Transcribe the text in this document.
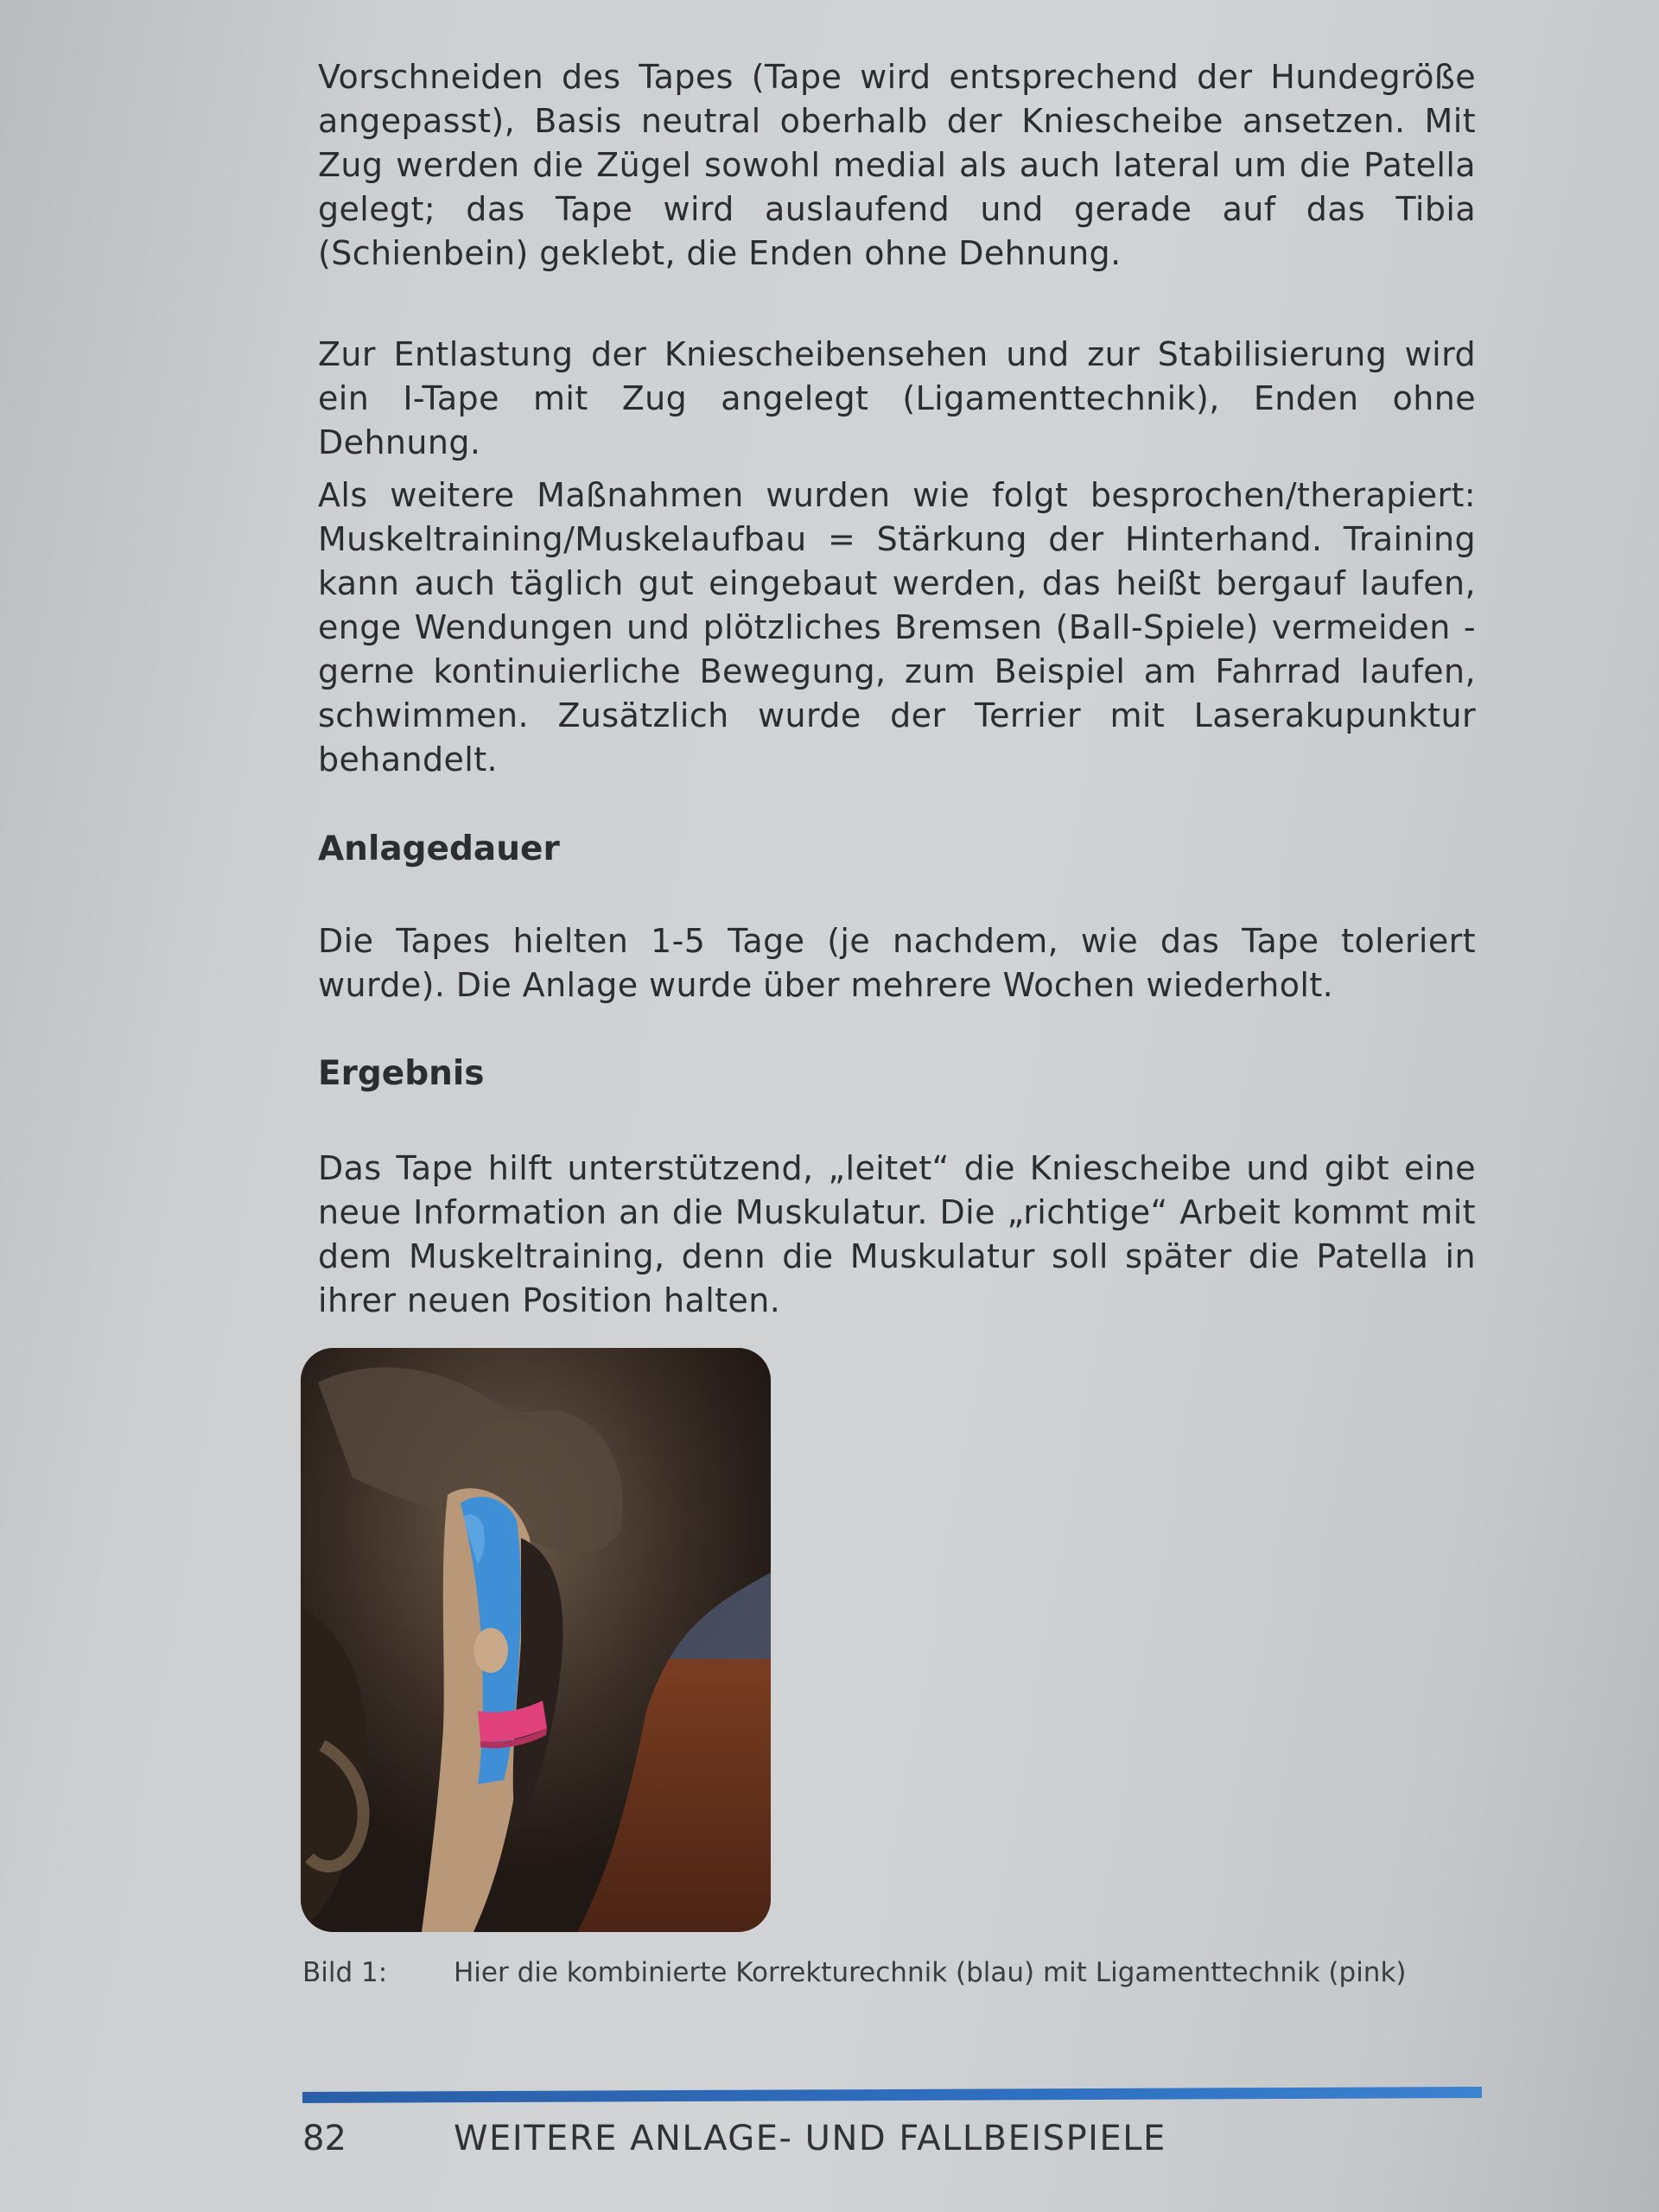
Vorschneiden des Tapes (Tape wird entsprechend der Hundegröße angepasst), Basis neutral oberhalb der Kniescheibe ansetzen. Mit Zug werden die Zügel sowohl medial als auch lateral um die Patella gelegt; das Tape wird auslaufend und gerade auf das Tibia (Schienbein) geklebt, die Enden ohne Dehnung.

Zur Entlastung der Kniescheibensehen und zur Stabilisierung wird ein I-Tape mit Zug angelegt (Ligamenttechnik), Enden ohne Dehnung.

Als weitere Maßnahmen wurden wie folgt besprochen/therapiert: Muskeltraining/Muskelaufbau = Stärkung der Hinterhand. Training kann auch täglich gut eingebaut werden, das heißt bergauf laufen, enge Wendungen und plötzliches Bremsen (Ball-Spiele) vermeiden - gerne kontinuierliche Bewegung, zum Beispiel am Fahrrad laufen, schwimmen. Zusätzlich wurde der Terrier mit Laserakupunktur behandelt.

Anlagedauer

Die Tapes hielten 1-5 Tage (je nachdem, wie das Tape toleriert wurde). Die Anlage wurde über mehrere Wochen wiederholt.

Ergebnis

Das Tape hilft unterstützend, „leitet“ die Kniescheibe und gibt eine neue Information an die Muskulatur. Die „richtige“ Arbeit kommt mit dem Muskeltraining, denn die Muskulatur soll später die Patella in ihrer neuen Position halten.

Bild 1: Hier die kombinierte Korrekturechnik (blau) mit Ligamenttechnik (pink)
82	WEITERE ANLAGE- UND FALLBEISPIELE
